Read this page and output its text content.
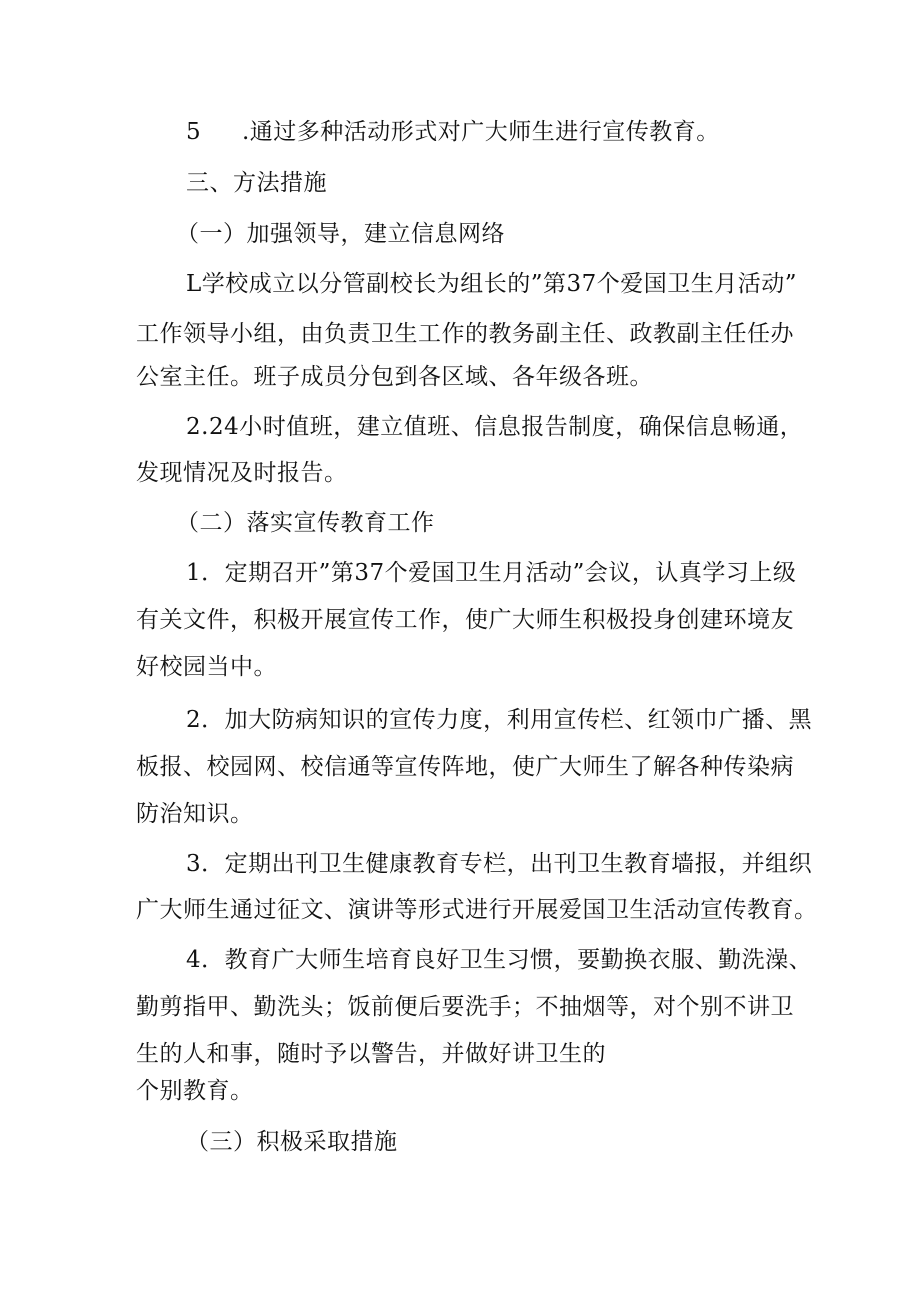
5 .通过多种活动形式对广大师生进行宣传教育。
三、方法措施
（一）加强领导，建立信息网络
L学校成立以分管副校长为组长的”第37个爱国卫生月活动”
工作领导小组，由负责卫生工作的教务副主任、政教副主任任办
公室主任。班子成员分包到各区域、各年级各班。
2.24小时值班，建立值班、信息报告制度，确保信息畅通，
发现情况及时报告。
（二）落实宣传教育工作
1．定期召开”第37个爱国卫生月活动”会议，认真学习上级
有关文件，积极开展宣传工作，使广大师生积极投身创建环境友
好校园当中。
2．加大防病知识的宣传力度，利用宣传栏、红领巾广播、黑
板报、校园网、校信通等宣传阵地，使广大师生了解各种传染病
防治知识。
3．定期出刊卫生健康教育专栏，出刊卫生教育墙报，并组织
广大师生通过征文、演讲等形式进行开展爱国卫生活动宣传教育。
4．教育广大师生培育良好卫生习惯，要勤换衣服、勤洗澡、
勤剪指甲、勤洗头；饭前便后要洗手；不抽烟等，对个别不讲卫
生的人和事，随时予以警告，并做好讲卫生的
个别教育。
（三）积极采取措施
